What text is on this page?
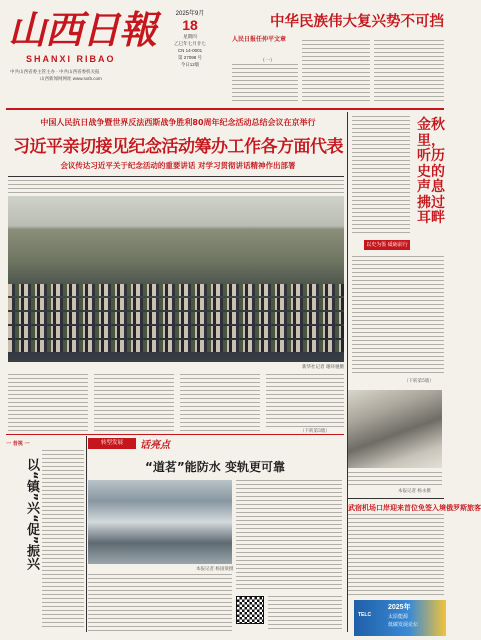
山西日報
SHANXI RIBAO
中共山西省委主管主办 · 中共山西省委机关报
山西新闻网网址 www.sxrb.com
2025年9月
18
星期四
乙巳年七月廿七
CN 14-0001
第 27098 号
今日12版
中华民族伟大复兴势不可挡
人民日报任仲平文章
（一）
中国人民抗日战争暨世界反法西斯战争胜利80周年纪念活动总结会议在京举行
习近平亲切接见纪念活动筹办工作各方面代表
会议传达习近平关于纪念活动的重要讲话 对学习贯彻讲话精神作出部署
新华社记者 谢环驰摄
（下转第3版）
金秋里，听历史的声息拂过耳畔
以史为鉴 砥砺前行
（下转第5版）
本报记者 杨永摄
武宿机场口岸迎来首位免签入境俄罗斯旅客
一 昔视 一
以“镇”兴“促”振兴
转型发展	话亮点
“道茗”能防水 变轨更可靠
本报记者 杨国梁摄
TELC
2025年
太原能源
低碳发展论坛
